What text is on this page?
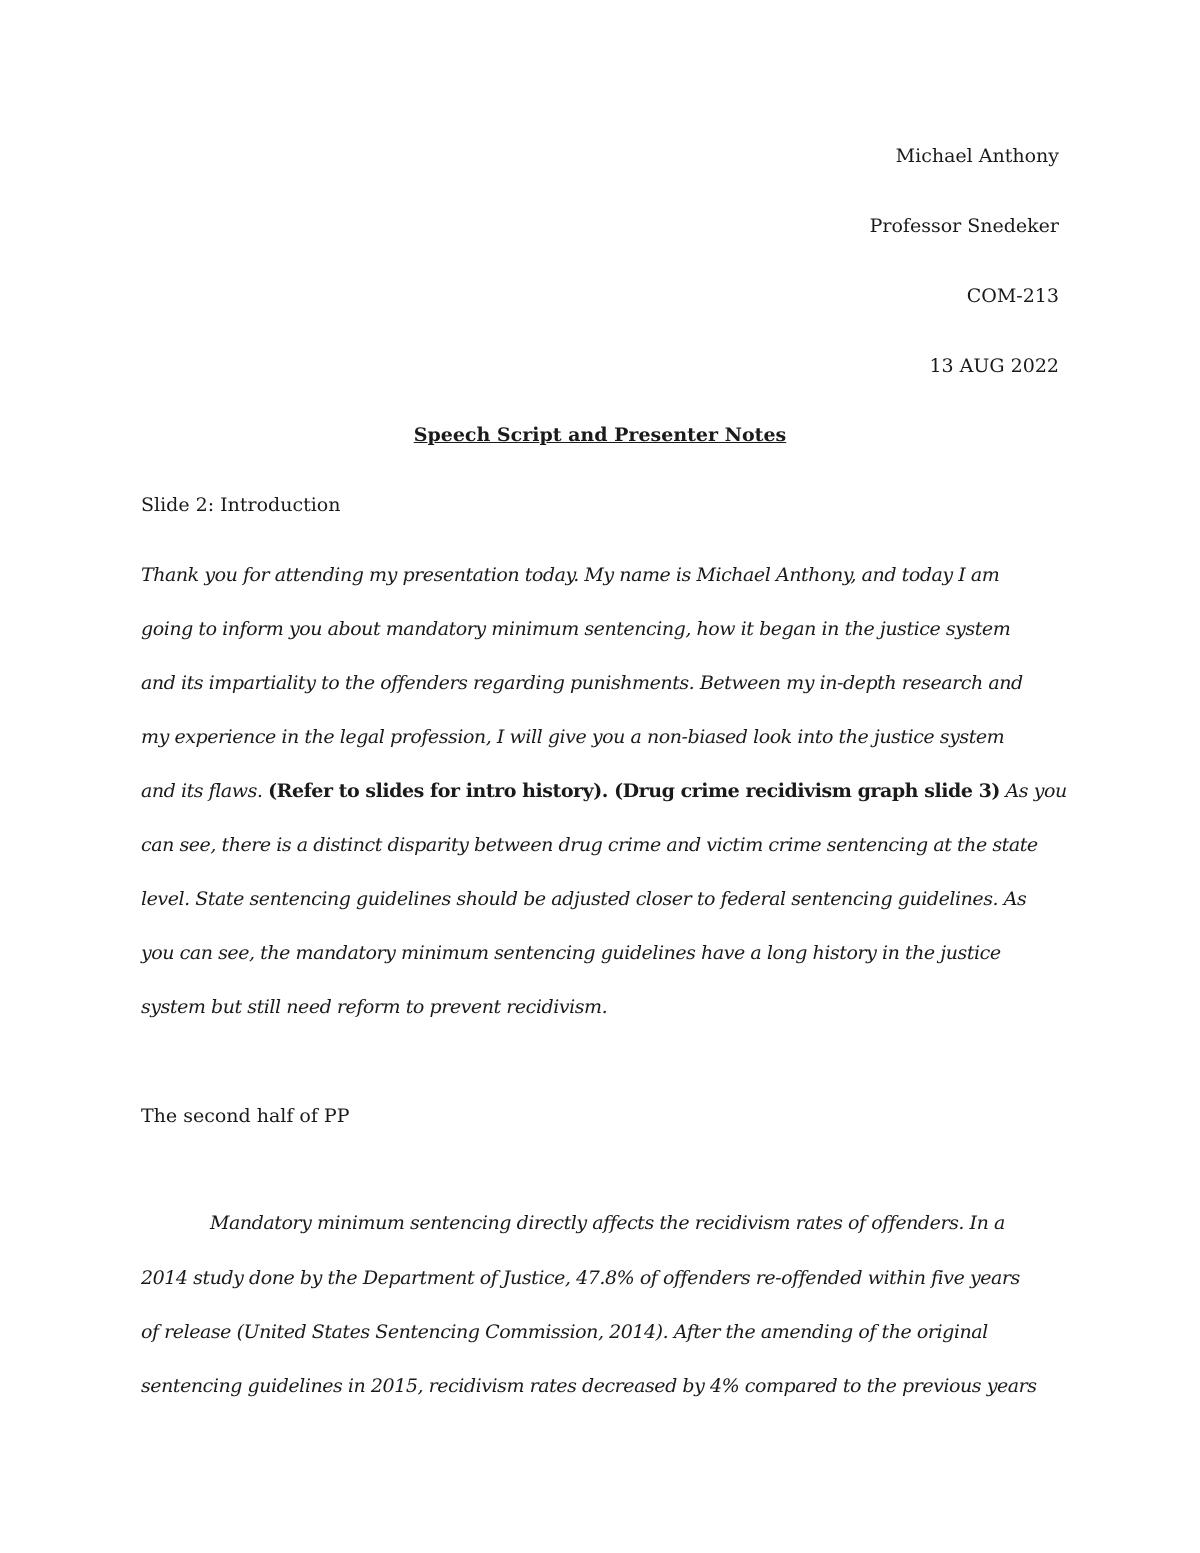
Michael Anthony
Professor Snedeker
COM-213
13 AUG 2022
Speech Script and Presenter Notes
Slide 2: Introduction
Thank you for attending my presentation today. My name is Michael Anthony, and today I am
going to inform you about mandatory minimum sentencing, how it began in the justice system
and its impartiality to the offenders regarding punishments. Between my in-depth research and
my experience in the legal profession, I will give you a non-biased look into the justice system
and its flaws. (Refer to slides for intro history). (Drug crime recidivism graph slide 3) As you
can see, there is a distinct disparity between drug crime and victim crime sentencing at the state
level. State sentencing guidelines should be adjusted closer to federal sentencing guidelines. As
you can see, the mandatory minimum sentencing guidelines have a long history in the justice
system but still need reform to prevent recidivism.
The second half of PP
Mandatory minimum sentencing directly affects the recidivism rates of offenders. In a
2014 study done by the Department of Justice, 47.8% of offenders re-offended within five years
of release (United States Sentencing Commission, 2014). After the amending of the original
sentencing guidelines in 2015, recidivism rates decreased by 4% compared to the previous years
